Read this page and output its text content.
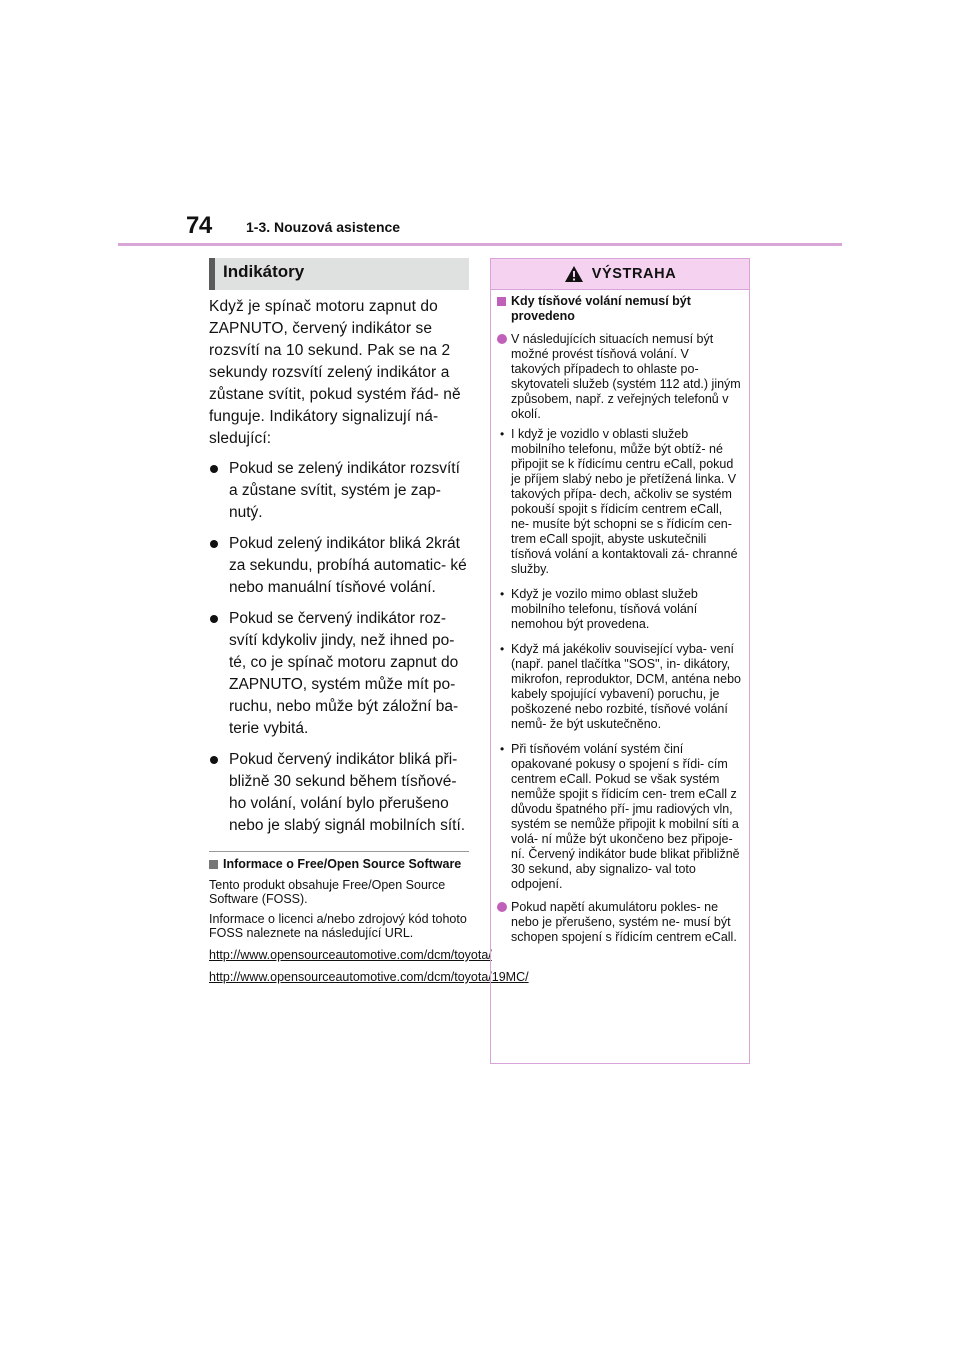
74 1-3. Nouzová asistence
Indikátory
Když je spínač motoru zapnut do ZAPNUTO, červený indikátor se rozsvítí na 10 sekund. Pak se na 2 sekundy rozsvítí zelený indikátor a zůstane svítit, pokud systém řád- ně funguje. Indikátory signalizují ná- sledující:
Pokud se zelený indikátor rozsvítí a zůstane svítit, systém je zap- nutý.
Pokud zelený indikátor bliká 2krát za sekundu, probíhá automatic- ké nebo manuální tísňové volání.
Pokud se červený indikátor roz- svítí kdykoliv jindy, než ihned po- té, co je spínač motoru zapnut do ZAPNUTO, systém může mít po- ruchu, nebo může být záložní ba- terie vybitá.
Pokud červený indikátor bliká při- bližně 30 sekund během tísňové- ho volání, volání bylo přerušeno nebo je slabý signál mobilních sítí.
Informace o Free/Open Source Software
Tento produkt obsahuje Free/Open Source Software (FOSS).
Informace o licenci a/nebo zdrojový kód tohoto FOSS naleznete na následující URL.
http://www.opensourceautomotive.com/dcm/toyota/
http://www.opensourceautomotive.com/dcm/toyota/19MC/
VÝSTRAHA
Kdy tísňové volání nemusí být provedeno
V následujících situacích nemusí být možné provést tísňová volání. V takových případech to ohlaste po- skytovateli služeb (systém 112 atd.) jiným způsobem, např. z veřejných telefonů v okolí.
• I když je vozidlo v oblasti služeb mobilního telefonu, může být obtíž- né připojit se k řídicímu centru eCall, pokud je příjem slabý nebo je přetížená linka. V takových přípa- dech, ačkoliv se systém pokouší spojit s řídicím centrem eCall, ne- musíte být schopni se s řídicím cen- trem eCall spojit, abyste uskutečnili tísňová volání a kontaktovali zá- chranné služby.
• Když je vozilo mimo oblast služeb mobilního telefonu, tísňová volání nemohou být provedena.
• Když má jakékoliv související vyba- vení (např. panel tlačítka "SOS", in- dikátory, mikrofon, reproduktor, DCM, anténa nebo kabely spojující vybavení) poruchu, je poškozené nebo rozbité, tísňové volání nemů- že být uskutečněno.
• Při tísňovém volání systém činí opakované pokusy o spojení s řídi- cím centrem eCall. Pokud se však systém nemůže spojit s řídicím cen- trem eCall z důvodu špatného pří- jmu radiových vln, systém se nemůže připojit k mobilní síti a volá- ní může být ukončeno bez připoje- ní. Červený indikátor bude blikat přibližně 30 sekund, aby signalizo- val toto odpojení.
Pokud napětí akumulátoru pokles- ne nebo je přerušeno, systém ne- musí být schopen spojení s řídicím centrem eCall.
